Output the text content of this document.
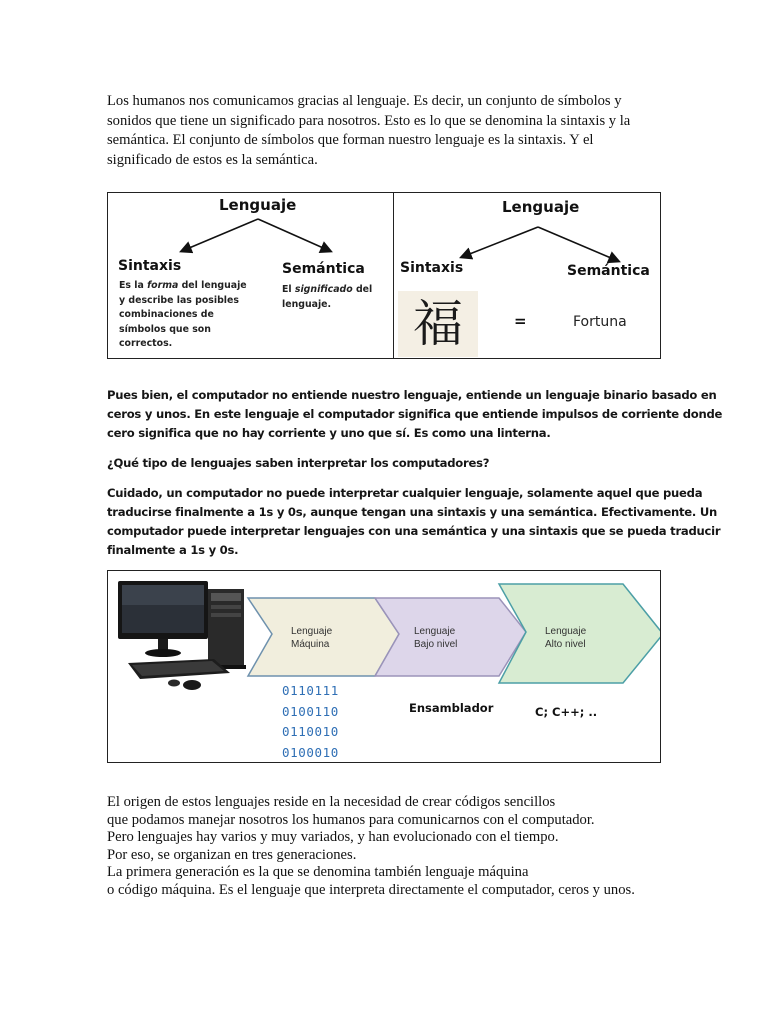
Los humanos nos comunicamos gracias al lenguaje. Es decir, un conjunto de símbolos y
sonidos que tiene un significado para nosotros. Esto es lo que se denomina la sintaxis y la
semántica. El conjunto de símbolos que forman nuestro lenguaje es la sintaxis. Y el
significado de estos es la semántica.

Lenguaje
Sintaxis	Semántica
Es la forma del lenguaje
y describe las posibles
combinaciones de
símbolos que son
correctos.
El significado del
lenguaje.
Lenguaje
Sintaxis	Semántica
福	=	Fortuna

Pues bien, el computador no entiende nuestro lenguaje, entiende un lenguaje binario basado en
ceros y unos. En este lenguaje el computador significa que entiende impulsos de corriente donde
cero significa que no hay corriente y uno que sí. Es como una linterna.

¿Qué tipo de lenguajes saben interpretar los computadores?

Cuidado, un computador no puede interpretar cualquier lenguaje, solamente aquel que pueda
traducirse finalmente a 1s y 0s, aunque tengan una sintaxis y una semántica. Efectivamente. Un
computador puede interpretar lenguajes con una semántica y una sintaxis que se pueda traducir
finalmente a 1s y 0s.

Lenguaje
Máquina
Lenguaje
Bajo nivel
Lenguaje
Alto nivel
0110111
0100110
0110010
0100010
Ensamblador	C; C++; ..

El origen de estos lenguajes reside en la necesidad de crear códigos sencillos
que podamos manejar nosotros los humanos para comunicarnos con el computador.
Pero lenguajes hay varios y muy variados, y han evolucionado con el tiempo.
Por eso, se organizan en tres generaciones.
La primera generación es la que se denomina también lenguaje máquina
o código máquina. Es el lenguaje que interpreta directamente el computador, ceros y unos.
